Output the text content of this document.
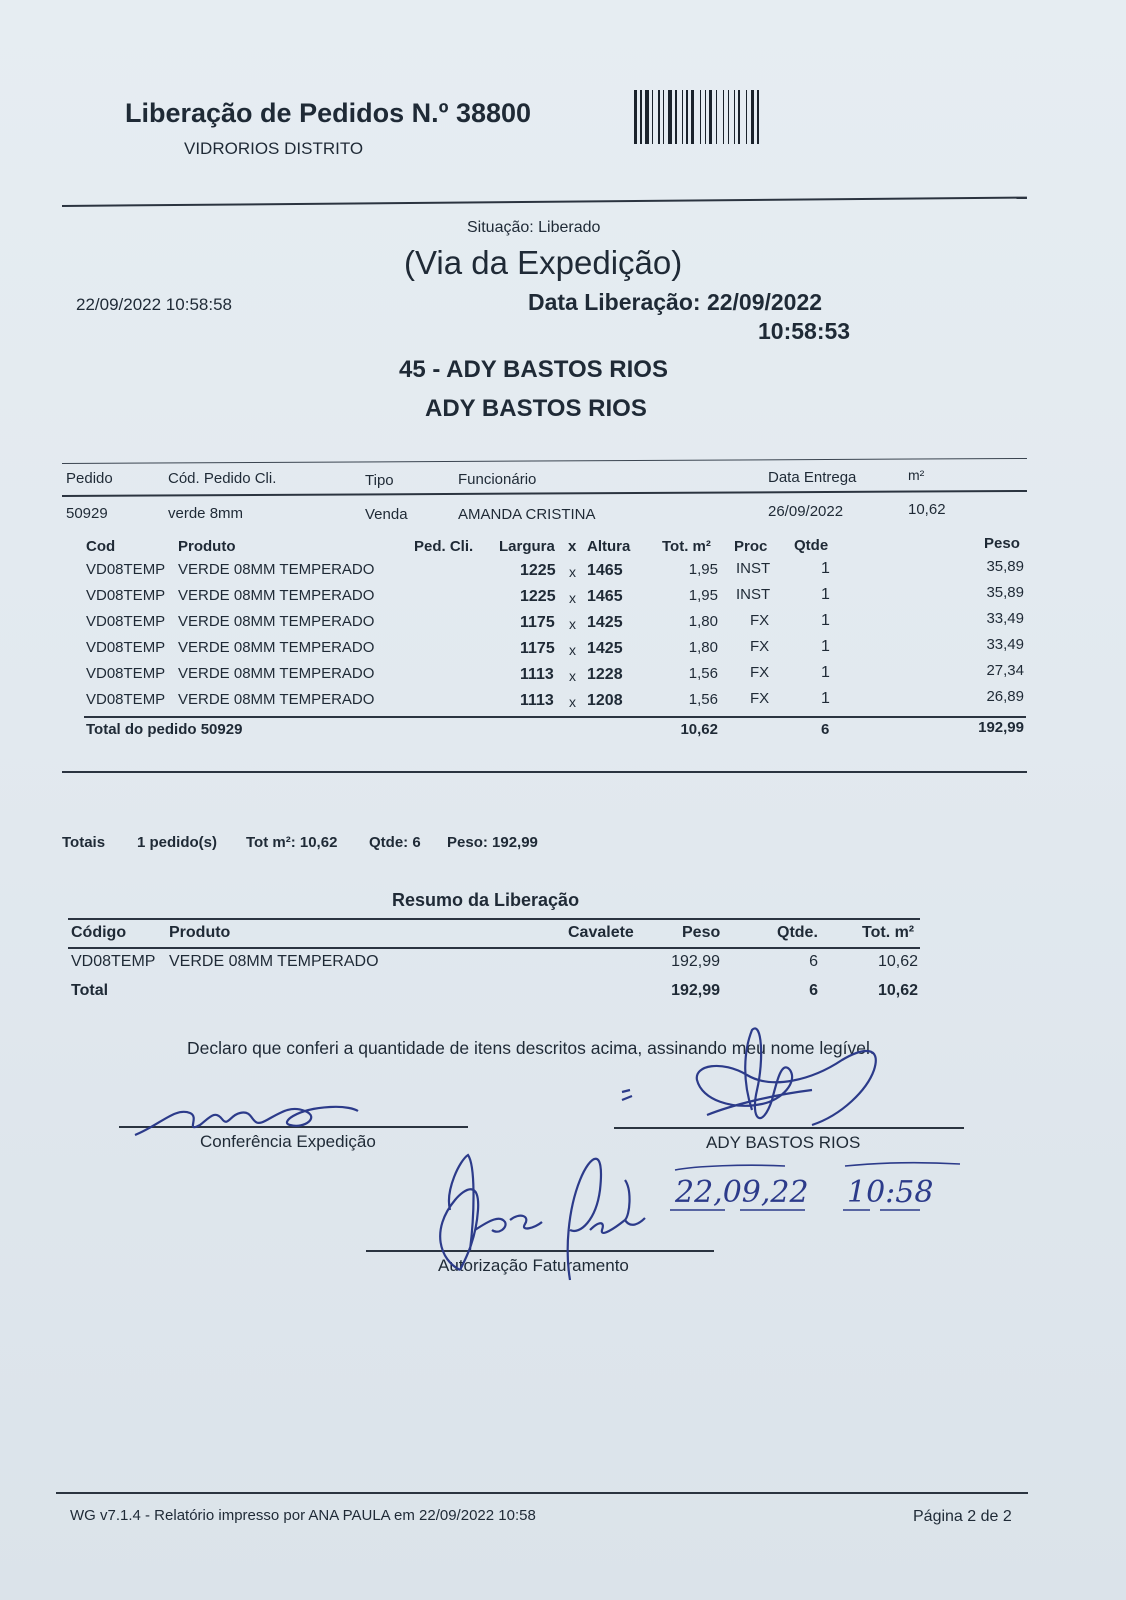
Liberação de Pedidos N.º 38800
VIDRORIOS DISTRITO
Situação: Liberado
(Via da Expedição)
22/09/2022 10:58:58	Data Liberação: 22/09/2022
10:58:53
45 - ADY BASTOS RIOS
ADY BASTOS RIOS
Pedido	Cód. Pedido Cli.	Tipo	Funcionário	Data Entrega	m²
50929	verde 8mm	Venda	AMANDA CRISTINA	26/09/2022	10,62
Cod	Produto	Ped. Cli. Largura x Altura Tot. m² Proc Qtde	Peso
VD08TEMP VERDE 08MM TEMPERADO	1225 x 1465	1,95 INST	1	35,89
VD08TEMP VERDE 08MM TEMPERADO	1225 x 1465	1,95 INST	1	35,89
VD08TEMP VERDE 08MM TEMPERADO	1175 x 1425	1,80 FX	1	33,49
VD08TEMP VERDE 08MM TEMPERADO	1175 x 1425	1,80 FX	1	33,49
VD08TEMP VERDE 08MM TEMPERADO	1113 x 1228	1,56 FX	1	27,34
VD08TEMP VERDE 08MM TEMPERADO	1113 x 1208	1,56 FX	1	26,89
Total do pedido 50929	10,62	6	192,99
Totais 1 pedido(s) Tot m²: 10,62 Qtde: 6 Peso: 192,99
Resumo da Liberação
Código	Produto	Cavalete	Peso	Qtde.	Tot. m²
VD08TEMP VERDE 08MM TEMPERADO	192,99	6	10,62
Total	192,99	6	10,62
Declaro que conferi a quantidade de itens descritos acima, assinando meu nome legível.
Conferência Expedição	ADY BASTOS RIOS
Autorização Faturamento
22,09,22 10:58
WG v7.1.4 - Relatório impresso por ANA PAULA em 22/09/2022 10:58	Página 2 de 2
